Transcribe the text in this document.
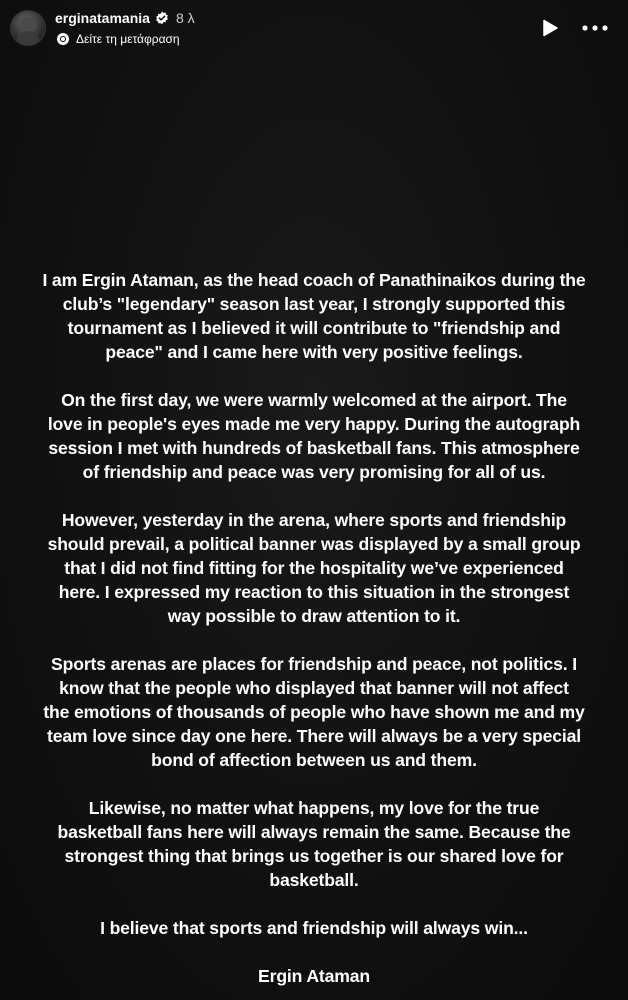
erginatamania 8 λ
Δείτε τη μετάφραση
I am Ergin Ataman, as the head coach of Panathinaikos during the
club’s "legendary" season last year, I strongly supported this
tournament as I believed it will contribute to "friendship and
peace" and I came here with very positive feelings.
On the first day, we were warmly welcomed at the airport. The
love in people's eyes made me very happy. During the autograph
session I met with hundreds of basketball fans. This atmosphere
of friendship and peace was very promising for all of us.
However, yesterday in the arena, where sports and friendship
should prevail, a political banner was displayed by a small group
that I did not find fitting for the hospitality we’ve experienced
here. I expressed my reaction to this situation in the strongest
way possible to draw attention to it.
Sports arenas are places for friendship and peace, not politics. I
know that the people who displayed that banner will not affect
the emotions of thousands of people who have shown me and my
team love since day one here. There will always be a very special
bond of affection between us and them.
Likewise, no matter what happens, my love for the true
basketball fans here will always remain the same. Because the
strongest thing that brings us together is our shared love for
basketball.
I believe that sports and friendship will always win...
Ergin Ataman
